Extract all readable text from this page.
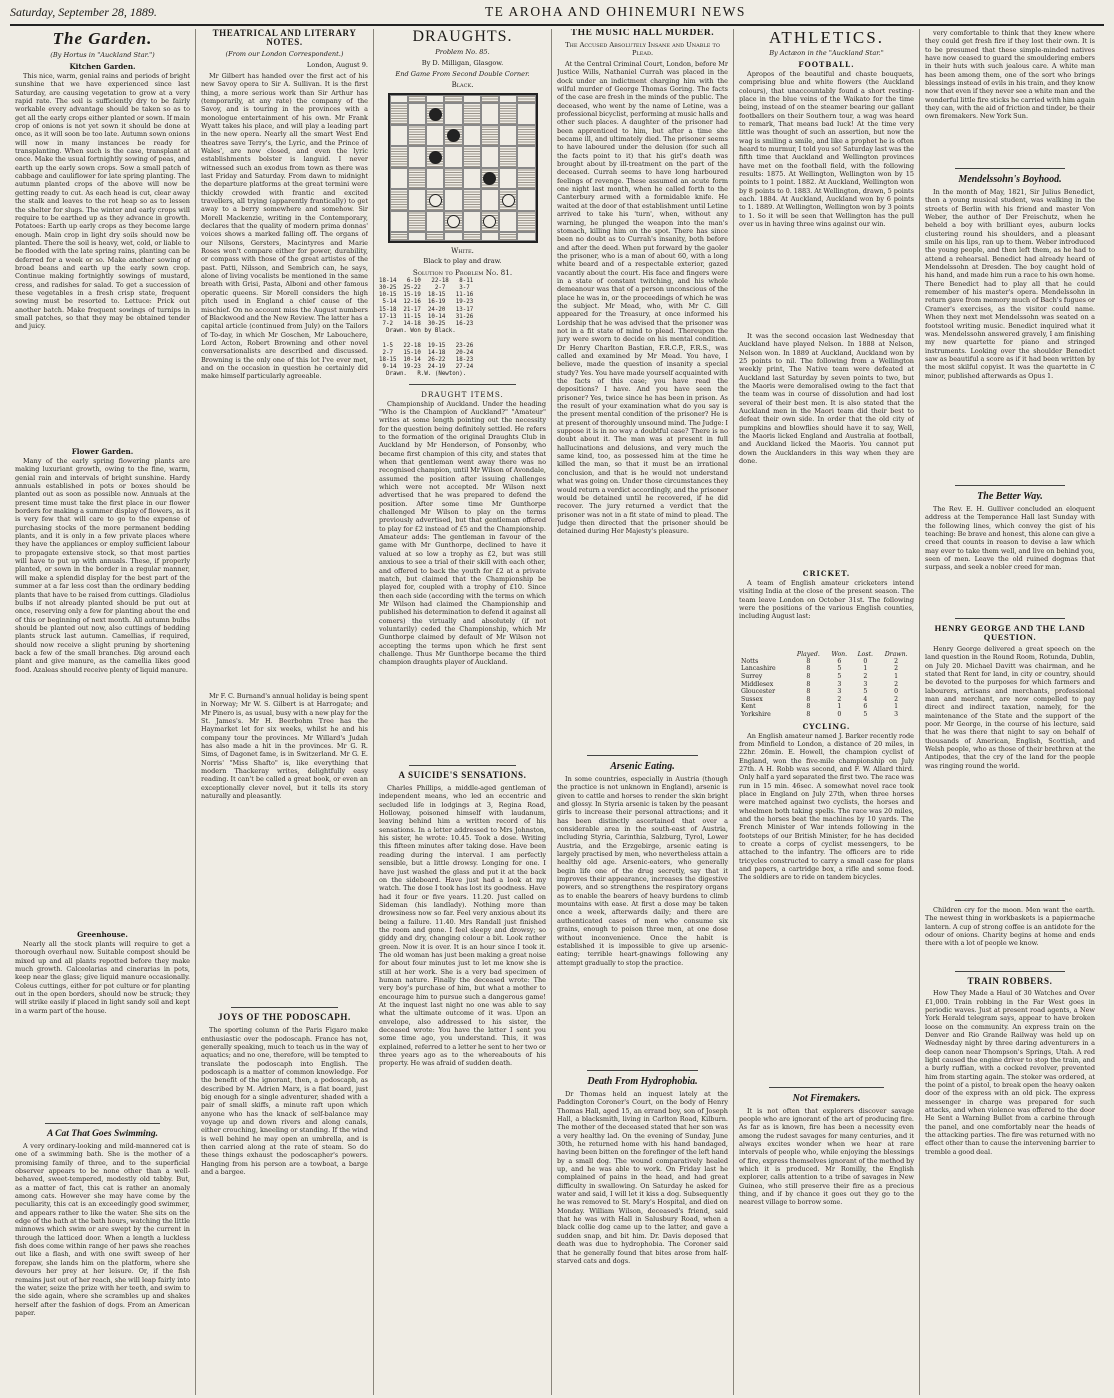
Saturday, September 28, 1889.	TE AROHA AND OHINEMURI NEWS
The Garden.
(By Hortus in "Auckland Star.")
Kitchen Garden.

This nice, warm, genial rains and periods of bright sunshine that we have experienced since last Saturday, are causing vegetation to grow at a very rapid rate. The soil is sufficiently dry to be fairly workable every advantage should be taken so as to get all the early crops either planted or sown. If main crop of onions is not yet sown it should be done at once, as it will soon be too late. Autumn sown onions will now in many instances be ready for transplanting. When such is the case, transplant at once. Make the usual fortnightly sowing of peas, and earth up the early sown crops. Sow a small patch of cabbage and cauliflower for late spring planting. The autumn planted crops of the above will now be getting ready to cut. As each head is cut, clear away the stalk and leaves to the rot heap so as to lessen the shelter for slugs. The winter and early crops will require to be earthed up as they advance in growth. Potatoes: Earth up early crops as they become large enough. Main crop in light dry soils should now be planted. There the soil is heavy, wet, cold, or liable to be flooded with the late spring rains, planting can be deferred for a week or so. Make another sowing of broad beans and earth up the early sown crop. Continue making fortnightly sowings of mustard, cress, and radishes for salad. To get a succession of these vegetables in a fresh crisp state, frequent sowing must be resorted to. Lettuce: Prick out another batch. Make frequent sowings of turnips in small patches, so that they may be obtained tender and juicy.

Flower Garden.

Many of the early spring flowering plants are making luxuriant growth, owing to the fine, warm, genial rain and intervals of bright sunshine. Hardy annuals established in pots or boxes should be planted out as soon as possible now. Annuals at the present time must take the first place in our flower borders for making a summer display of flowers, as it is very few that will care to go to the expense of purchasing stocks of the more permanent bedding plants, and it is only in a few private places where they have the appliances or employ sufficient labour to propagate extensive stock, so that most parties will have to put up with annuals. These, if properly planted, or sown in the border in a regular manner, will make a splendid display for the best part of the summer at a far less cost than the ordinary bedding plants that have to be raised from cuttings. Gladiolus bulbs if not already planted should be put out at once, reserving only a few for planting about the end of this or beginning of next month. All autumn bulbs should be planted out now, also cuttings of bedding plants struck last autumn. Camellias, if required, should now receive a slight pruning by shortening back a few of the small branches. Dig around each plant and give manure, as the camellia likes good food. Azaleas should receive plenty of liquid manure.

Greenhouse.

Nearly all the stock plants will require to get a thorough overhaul now. Suitable compost should be mixed up and all plants repotted before they make much growth. Calceolarias and cinerarias in pots, keep near the glass; give liquid manure occasionally. Coleus cuttings, either for pot culture or for planting out in the open borders, should now be struck; they will strike easily if placed in light sandy soil and kept in a warm part of the house.

A Cat That Goes Swimming.

A very ordinary-looking and mild-mannered cat is one of a swimming bath. She is the mother of a promising family of three, and to the superficial observer appears to be none other than a well-behaved, sweet-tempered, modestly old tabby. But, as a matter of fact, this cat is rather an anomaly among cats. However she may have come by the peculiarity, this cat is an exceedingly good swimmer, and appears rather to like the water. She sits on the edge of the bath at the bath hours, watching the little minnows which swim or are swept by the current in through the latticed door. When a length a luckless fish does come within range of her paws she reaches out like a flash, and with one swift sweep of her forepaw, she lands him on the platform, where she devours her prey at her leisure. Or, if the fish remains just out of her reach, she will leap fairly into the water, seize the prize with her teeth, and swim to the side again, where she scrambles up and shakes herself after the fashion of dogs. From an American paper.

THEATRICAL AND LITERARY NOTES.
(From our London Correspondent.)
London, August 9.

Mr Gilbert has handed over the first act of his new Savoy opera to Sir A. Sullivan. It is the first thing, a more serious work than Sir Arthur has (temporarily, at any rate) the company of the Savoy, and is touring in the provinces with a monologue entertainment of his own. Mr Frank Wyatt takes his place, and will play a leading part in the new opera. Nearly all the smart West End theatres save Terry's, the Lyric, and the Prince of Wales', are now closed, and even the lyric establishments bolster is languid. I never witnessed such an exodus from town as there was last Friday and Saturday. From dawn to midnight the departure platforms at the great termini were thickly crowded with frantic and excited travellers, all trying (apparently frantically) to get away to a berry somewhere and somehow. Sir Morell Mackenzie, writing in the Contemporary, declares that the quality of modern prima donnas' voices shows a marked falling off. The organs of our Nilsons, Gersters, Macintyres and Marie Roses won't compare either for power, durability, or compass with those of the great artistes of the past. Patti, Nilsson, and Sembrich can, he says, alone of living vocalists be mentioned in the same breath with Grisi, Pasta, Alboni and other famous operatic queens. Sir Morell considers the high pitch used in England a chief cause of the mischief. On no account miss the August numbers of Blackwood and the New Review. The latter has a capital article (continued from July) on the Tailors of To-day, in which Mr Goschen, Mr Labouchere, Lord Acton, Robert Browning and other novel conversationalists are described and discussed. Browning is the only one of this lot I've ever met, and on the occasion in question he certainly did make himself particularly agreeable.

Mr F. C. Burnand's annual holiday is being spent in Norway; Mr W. S. Gilbert is at Harrogate; and Mr Pinero is, as usual, busy with a new play for the St. James's. Mr H. Beerbohm Tree has the Haymarket let for six weeks, whilst he and his company tour the provinces. Mr Willard's Judah has also made a hit in the provinces. Mr G. R. Sims, of Dagonet fame, is in Switzerland. Mr G. E. Norris' "Miss Shafto" is, like everything that modern Thackeray writes, delightfully easy reading. It can't be called a great book, or even an exceptionally clever novel, but it tells its story naturally and pleasantly.

JOYS OF THE PODOSCAPH.

The sporting column of the Paris Figaro make enthusiastic over the podoscaph. France has not, generally speaking, much to teach us in the way of aquatics; and no one, therefore, will be tempted to translate the podoscaph into English. The podoscaph is a matter of common knowledge. For the benefit of the ignorant, then, a podoscaph, as described by M. Adrien Marx, is a flat board, just big enough for a single adventurer, shaded with a pair of small skiffs, a minute raft upon which anyone who has the knack of self-balance may voyage up and down rivers and along canals, either crouching, kneeling or standing. If the wind is well behind he may open an umbrella, and is then carried along at the rate of steam. So do these things exhaust the podoscapher's powers. Hanging from his person are a towboat, a barge and a bargee.

DRAUGHTS.
Problem No. 85.
By D. Milligan, Glasgow.
End Game From Second Double Corner.
Black.
White.
Black to play and draw.
Solution to Problem No. 81.
18-14   6-10   22-18   8-11
30-25  25-22    2-7    3-7
10-15  15-19  18-15   11-16
5-14  12-16  16-19   19-23
15-18  21-17  24-20   13-17
17-13  11-15  10-14   31-26
7-2   14-18  30-25   16-23
Drawn. Won by Black.

1-5   22-18  19-15   23-26
2-7   15-10  14-18   20-24
18-15  10-14  26-22   18-23
9-14  19-23  24-19   27-24
Drawn.   R.W. (Newton).
DRAUGHT ITEMS.

Championship of Auckland. Under the heading "Who is the Champion of Auckland?" "Amateur" writes at some length pointing out the necessity for the question being definitely settled. He refers to the formation of the original Draughts Club in Auckland by Mr Henderson, of Ponsonby, who became first champion of this city, and states that when that gentleman went away there was no recognised champion, until Mr Wilson of Avondale, assumed the position after issuing challenges which were not accepted. Mr Wilson next advertised that he was prepared to defend the position. After some time Mr Gunthorpe challenged Mr Wilson to play on the terms previously advertised, but that gentleman offered to play for £2 instead of £5 and the Championship. Amateur adds: The gentleman in favour of the game with Mr Gunthorpe, declined to have it valued at so low a trophy as £2, but was still anxious to see a trial of their skill with each other, and offered to back the youth for £2 at a private match, but claimed that the Championship be played for, coupled with a trophy of £10. Since then each side (according with the terms on which Mr Wilson had claimed the Championship and published his determination to defend it against all comers) the virtually and absolutely (if not voluntarily) ceded the Championship, which Mr Gunthorpe claimed by default of Mr Wilson not accepting the terms upon which he first sent challenge. Thus Mr Gunthorpe became the third champion draughts player of Auckland.

A SUICIDE'S SENSATIONS.

Charles Phillips, a middle-aged gentleman of independent means, who led an eccentric and secluded life in lodgings at 3, Regina Road, Holloway, poisoned himself with laudanum, leaving behind him a written record of his sensations. In a letter addressed to Mrs Johnston, his sister, he wrote: 10.45. Took a dose. Writing this fifteen minutes after taking dose. Have been reading during the interval. I am perfectly sensible, but a little drowsy. Longing for one. I have just washed the glass and put it at the back on the sideboard. Have just had a look at my watch. The dose I took has lost its goodness. Have had it four or five years. 11.20. Just called on Sideman (his landlady). Nothing more than drowsiness now so far. Feel very anxious about its being a failure. 11.40. Mrs Randall just finished the room and gone. I feel sleepy and drowsy; so giddy and dry, changing colour a bit. Look rather green. Now it is over. It is an hour since I took it. The old woman has just been making a great noise for about four minutes just to let me know she is still at her work. She is a very bad specimen of human nature. Finally the deceased wrote: The very boy's purchase of him, but what a mother to encourage him to pursue such a dangerous game! At the inquest last night no one was able to say what the ultimate outcome of it was. Upon an envelope, also addressed to his sister, the deceased wrote: You have the latter I sent you some time ago, you understand. This, it was explained, referred to a letter he sent to her two or three years ago as to the whereabouts of his property. He was afraid of sudden death.

THE MUSIC HALL MURDER.
The Accused Absolutely Insane and Unable to Plead.

At the Central Criminal Court, London, before Mr Justice Wills, Nathaniel Currah was placed in the dock under an indictment charging him with the wilful murder of George Thomas Goring. The facts of the case are fresh in the minds of the public. The deceased, who went by the name of Letine, was a professional bicyclist, performing at music halls and other such places. A daughter of the prisoner had been apprenticed to him, but after a time she became ill, and ultimately died. The prisoner seems to have laboured under the delusion (for such all the facts point to it) that his girl's death was brought about by ill-treatment on the part of the deceased. Currah seems to have long harboured feelings of revenge. These assumed an acute form one night last month, when he called forth to the Canterbury armed with a formidable knife. He waited at the door of that establishment until Letine arrived to take his 'turn', when, without any warning, he plunged the weapon into the man's stomach, killing him on the spot. There has since been no doubt as to Currah's insanity, both before and after the deed. When put forward by the gaoler the prisoner, who is a man of about 60, with a long white beard and of a respectable exterior, gazed vacantly about the court. His face and fingers were in a state of constant twitching, and his whole demeanour was that of a person unconscious of the place he was in, or the proceedings of which he was the subject. Mr Mead, who, with Mr C. Gill appeared for the Treasury, at once informed his Lordship that he was advised that the prisoner was not in a fit state of mind to plead. Thereupon the jury were sworn to decide on his mental condition. Dr Henry Charlton Bastian, F.R.C.P., F.R.S., was called and examined by Mr Mead. You have, I believe, made the question of insanity a special study? Yes. You have made yourself acquainted with the facts of this case; you have read the depositions? I have. And you have seen the prisoner? Yes, twice since he has been in prison. As the result of your examination what do you say is the present mental condition of the prisoner? He is at present of thoroughly unsound mind. The Judge: I suppose it is in no way a doubtful case? There is no doubt about it. The man was at present in full hallucinations and delusions, and very much the same kind, too, as possessed him at the time he killed the man, so that it must be an irrational conclusion, and that is he would not understand what was going on. Under those circumstances they would return a verdict accordingly, and the prisoner would be detained until he recovered, if he did recover. The jury returned a verdict that the prisoner was not in a fit state of mind to plead. The Judge then directed that the prisoner should be detained during Her Majesty's pleasure.

Arsenic Eating.

In some countries, especially in Austria (though the practice is not unknown in England), arsenic is given to cattle and horses to render the skin bright and glossy. In Styria arsenic is taken by the peasant girls to increase their personal attractions; and it has been distinctly ascertained that over a considerable area in the south-east of Austria, including Styria, Carinthia, Salzburg, Tyrol, Lower Austria, and the Erzgebirge, arsenic eating is largely practised by men, who nevertheless attain a healthy old age. Arsenic-eaters, who generally begin life one of the drug secretly, say that it improves their appearance, increases the digestive powers, and so strengthens the respiratory organs as to enable the bearers of heavy burdens to climb mountains with ease. At first a dose may be taken once a week, afterwards daily; and there are authenticated cases of men who consume six grains, enough to poison three men, at one dose without inconvenience. Once the habit is established it is impossible to give up arsenic-eating; terrible heart-gnawings following any attempt gradually to stop the practice.

Death From Hydrophobia.

Dr Thomas held an inquest lately at the Paddington Coroner's Court, on the body of Henry Thomas Hall, aged 15, an errand boy, son of Joseph Hall, a blacksmith, living in Carlton Road, Kilburn. The mother of the deceased stated that her son was a very healthy lad. On the evening of Sunday, June 30th, he returned home with his hand bandaged, having been bitten on the forefinger of the left hand by a small dog. The wound comparatively healed up, and he was able to work. On Friday last he complained of pains in the head, and had great difficulty in swallowing. On Saturday he asked for water and said, I will let it kiss a dog. Subsequently he was removed to St. Mary's Hospital, and died on Monday. William Wilson, deceased's friend, said that he was with Hall in Salusbury Road, when a black collie dog came up to the latter, and gave a sudden snap, and bit him. Dr. Davis deposed that death was due to hydrophobia. The Coroner said that he generally found that bites arose from half-starved cats and dogs.

ATHLETICS.
By Actæon in the "Auckland Star."
FOOTBALL.

Apropos of the beautiful and chaste bouquets, comprising blue and white flowers (the Auckland colours), that unaccountably found a short resting-place in the blue veins of the Waikato for the time being, instead of on the steamer bearing our gallant footballers on their Southern tour, a wag was heard to remark, That means bad luck! At the time very little was thought of such an assertion, but now the wag is smiling a smile, and like a prophet he is often heard to murmur, I told you so! Saturday last was the fifth time that Auckland and Wellington provinces have met on the football field, with the following results: 1875. At Wellington, Wellington won by 15 points to 1 point. 1882. At Auckland, Wellington won by 8 points to 0. 1883. At Wellington, drawn, 5 points each. 1884. At Auckland, Auckland won by 6 points to 1. 1889. At Wellington, Wellington won by 3 points to 1. So it will be seen that Wellington has the pull over us in having three wins against our win.

It was the second occasion last Wednesday that Auckland have played Nelson. In 1888 at Nelson, Nelson won. In 1889 at Auckland, Auckland won by 25 points to nil. The following from a Wellington weekly print, The Native team were defeated at Auckland last Saturday by seven points to two, but the Maoris were demoralised owing to the fact that the team was in course of dissolution and had lost several of their best men. It is also stated that the Auckland men in the Maori team did their best to defeat their own side. In order that the old city of pumpkins and blowflies should have it to say, Well, the Maoris licked England and Australia at football, and Auckland licked the Maoris. You cannot put down the Aucklanders in this way when they are done.

CRICKET.

A team of English amateur cricketers intend visiting India at the close of the present season. The team leave London on October 31st. The following were the positions of the various English counties, including August last:

	Played.	Won.	Lost.	Drawn.
Notts	8	6	0	2
Lancashire	8	5	1	2
Surrey	8	5	2	1
Middlesex	8	3	3	2
Gloucester	8	3	5	0
Sussex	8	2	4	2
Kent	8	1	6	1
Yorkshire	8	0	5	3
CYCLING.

An English amateur named J. Barker recently rode from Minfield to London, a distance of 20 miles, in 22hr. 26min. E. Howell, the champion cyclist of England, won the five-mile championship on July 27th. A H. Robb was second, and F. W. Allard third. Only half a yard separated the first two. The race was run in 15 min. 46sec. A somewhat novel race took place in England on July 27th, when three horses were matched against two cyclists, the horses and wheelmen both taking spells. The race was 20 miles, and the horses beat the machines by 10 yards. The French Minister of War intends following in the footsteps of our British Minister, for he has decided to create a corps of cyclist messengers, to be attached to the infantry. The officers are to ride tricycles constructed to carry a small case for plans and papers, a cartridge box, a rifle and some food. The soldiers are to ride on tandem bicycles.

Not Firemakers.

It is not often that explorers discover savage people who are ignorant of the art of producing fire. As far as is known, fire has been a necessity even among the rudest savages for many centuries, and it always excites wonder when we hear at rare intervals of people who, while enjoying the blessings of fire, express themselves ignorant of the method by which it is produced. Mr Romilly, the English explorer, calls attention to a tribe of savages in New Guinea, who still preserve their fire as a precious thing, and if by chance it goes out they go to the nearest village to borrow some.

very comfortable to think that they knew where they could get fresh fire if they lost their own. It is to be presumed that these simple-minded natives have now ceased to guard the smouldering embers in their huts with such jealous care. A white man has been among them, one of the sort who brings blessings instead of evils in his train, and they know now that even if they never see a white man and the wonderful little fire sticks he carried with him again they can, with the aid of friction and tinder, be their own firemakers. New York Sun.

Mendelssohn's Boyhood.

In the month of May, 1821, Sir Julius Benedict, then a young musical student, was walking in the streets of Berlin with his friend and master Von Weber, the author of Der Freischutz, when he beheld a boy with brilliant eyes, auburn locks clustering round his shoulders, and a pleasant smile on his lips, ran up to them. Weber introduced the young people, and then left them, as he had to attend a rehearsal. Benedict had already heard of Mendelssohn at Dresden. The boy caught hold of his hand, and made him run a race to his own home. There Benedict had to play all that he could remember of his master's opera. Mendelssohn in return gave from memory much of Bach's fugues or Cramer's exercises, as the visitor could name. When they next met Mendelssohn was seated on a footstool writing music. Benedict inquired what it was. Mendelssohn answered gravely, I am finishing my new quartette for piano and stringed instruments. Looking over the shoulder Benedict saw as beautiful a score as if it had been written by the most skilful copyist. It was the quartette in C minor, published afterwards as Opus 1.

The Better Way.

The Rev. E. H. Gulliver concluded an eloquent address at the Temperance Hall last Sunday with the following lines, which convey the gist of his teaching: Be brave and honest, this alone can give a creed that counts in reason to devise a law which may ever to take them well, and live on behind you, seen of men. Leave the old ruined dogmas that surpass, and seek a nobler creed for man.

HENRY GEORGE AND THE LAND QUESTION.

Henry George delivered a great speech on the land question in the Round Room, Rotunda, Dublin, on July 20. Michael Davitt was chairman, and he stated that Rent for land, in city or country, should be devoted to the purposes for which farmers and labourers, artisans and merchants, professional man and merchant, are now compelled to pay direct and indirect taxation, namely, for the maintenance of the State and the support of the poor. Mr George, in the course of his lecture, said that he was there that night to say on behalf of thousands of American, English, Scottish, and Welsh people, who as those of their brethren at the Antipodes, that the cry of the land for the people was ringing round the world.

Children cry for the moon. Men want the earth. The newest thing in workbaskets is a papiermache lantern. A cup of strong coffee is an antidote for the odour of onions. Charity begins at home and ends there with a lot of people we know.

TRAIN ROBBERS.

How They Made a Haul of 30 Watches and Over £1,000. Train robbing in the Far West goes in periodic waves. Just at present road agents, a New York Herald telegram says, appear to have broken loose on the community. An express train on the Denver and Rio Grande Railway was held up on Wednesday night by three daring adventurers in a deep canon near Thompson's Springs, Utah. A red light caused the engine driver to stop the train, and a burly ruffian, with a cocked revolver, prevented him from starting again. The stoker was ordered, at the point of a pistol, to break open the heavy oaken door of the express with an old pick. The express messenger in charge was prepared for such attacks, and when violence was offered to the door He Sent a Warning Bullet from a carbine through the panel, and one comfortably near the heads of the attacking parties. The fire was returned with no effect other than to cause the intervening barrier to tremble a good deal.
